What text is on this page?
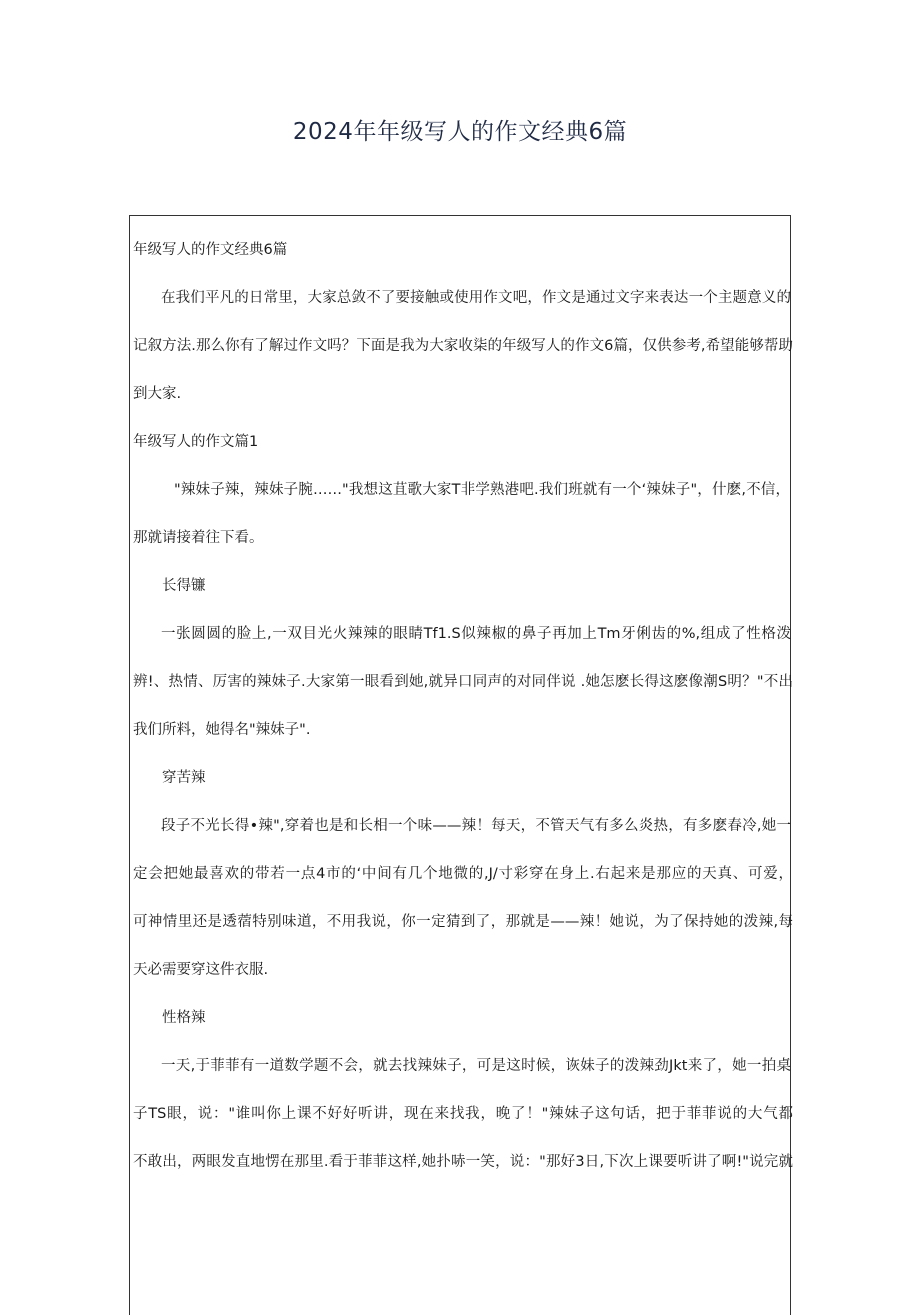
2024年年级写人的作文经典6篇
年级写人的作文经典6篇
在我们平凡的日常里，大家总敛不了要接触或使用作文吧，作文是通过文字来表达一个主题意义的
记叙方法.那么你有了解过作文吗？下面是我为大家收柒的年级写人的作文6篇，仅供参考,希望能够帮助
到大家.
年级写人的作文篇1
"辣妹子辣，辣妹子腕……"我想这苴歌大家T非学熟港吧.我们班就有一个‘辣妹子"，什麽,不信，
那就请接着往下看。
长得镰
一张圆圆的脸上,一双目光火辣辣的眼睛Tf1.S似辣椒的鼻子再加上Tm牙俐齿的%,组成了性格泼
辨!、热情、厉害的辣妹子.大家第一眼看到她,就异口同声的对同伴说 .她怎麽长得这麽像潮S明？"不出
我们所料，她得名"辣妹子".
穿苦辣
段子不光长得•辣",穿着也是和长相一个味——辣！每天，不管天气有多么炎热，有多麽春冷,她一
定会把她最喜欢的带若一点4市的‘中间有几个地微的,J/寸彩穿在身上.右起来是那应的天真、可爱，
可神情里还是透蓿特别味道，不用我说，你一定猜到了，那就是——辣！她说，为了保持她的泼辣,每
天必需要穿这件衣服.
性格辣
一天,于菲菲有一道数学题不会，就去找辣妹子，可是这时候，诙妹子的泼辣劲Jkt来了，她一拍桌
子TS眼，说："谁叫你上课不好好听讲，现在来找我，晚了！"辣妹子这句话，把于菲菲说的大气都
不敢出，两眼发直地愣在那里.看于菲菲这样,她扑哧一笑，说："那好3日,下次上课要听讲了啊!"说完就
